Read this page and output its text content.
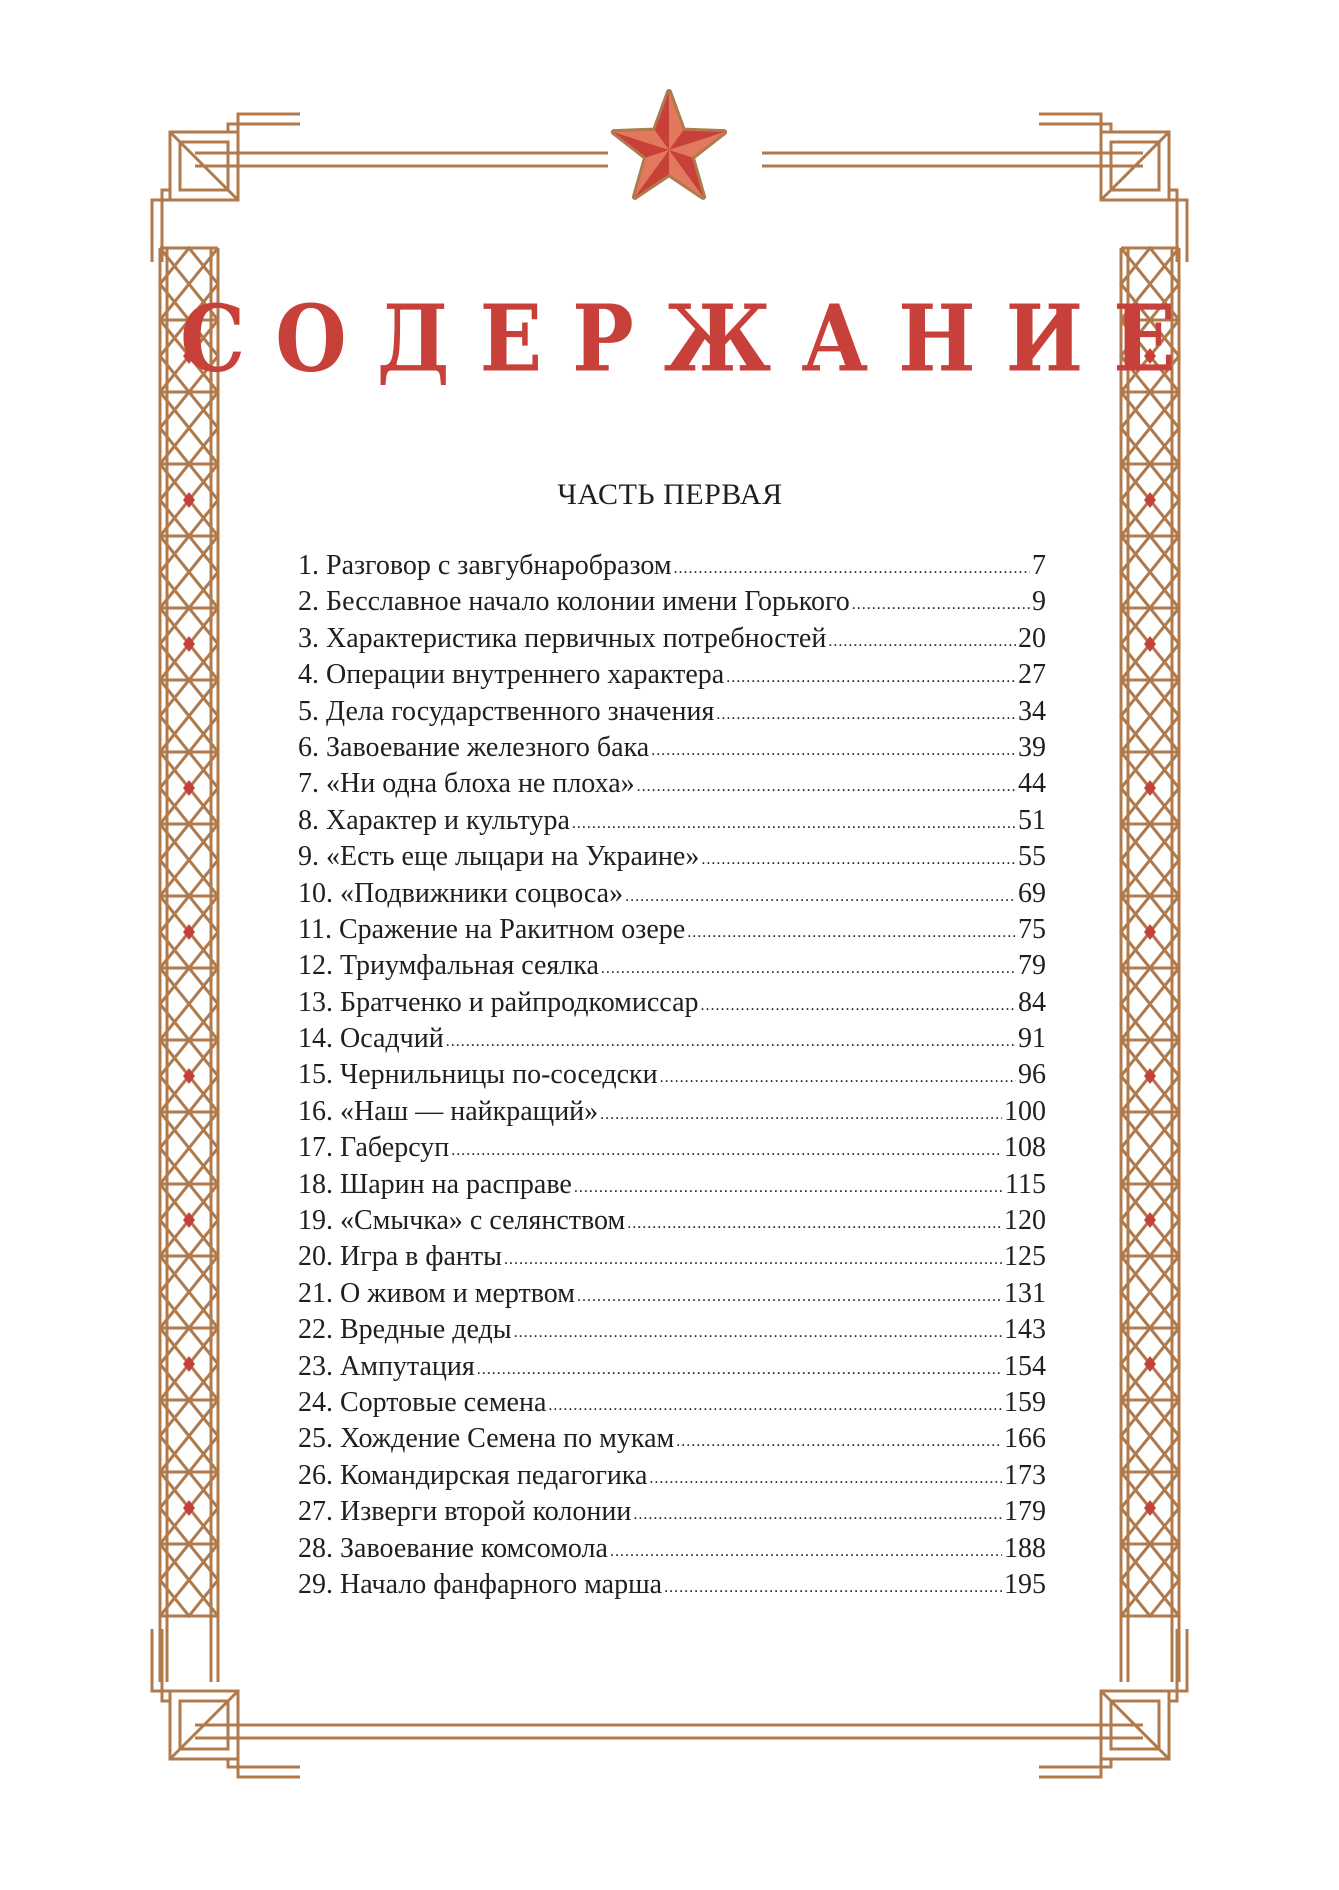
СОДЕРЖАНИЕ
ЧАСТЬ ПЕРВАЯ
1. Разговор с завгубнаробразом .....	7
2. Бесславное начало колонии имени Горького .....	9
3. Характеристика первичных потребностей .....	20
4. Операции внутреннего характера .....	27
5. Дела государственного значения .....	34
6. Завоевание железного бака .....	39
7. «Ни одна блоха не плоха» .....	44
8. Характер и культура .....	51
9. «Есть еще лыцари на Украине» .....	55
10. «Подвижники соцвоса» .....	69
11. Сражение на Ракитном озере .....	75
12. Триумфальная сеялка .....	79
13. Братченко и райпродкомиссар .....	84
14. Осадчий .....	91
15. Чернильницы по-соседски .....	96
16. «Наш — найкращий» .....	100
17. Габерсуп .....	108
18. Шарин на расправе .....	115
19. «Смычка» с селянством .....	120
20. Игра в фанты .....	125
21. О живом и мертвом .....	131
22. Вредные деды .....	143
23. Ампутация .....	154
24. Сортовые семена .....	159
25. Хождение Семена по мукам .....	166
26. Командирская педагогика .....	173
27. Изверги второй колонии .....	179
28. Завоевание комсомола .....	188
29. Начало фанфарного марша .....	195
